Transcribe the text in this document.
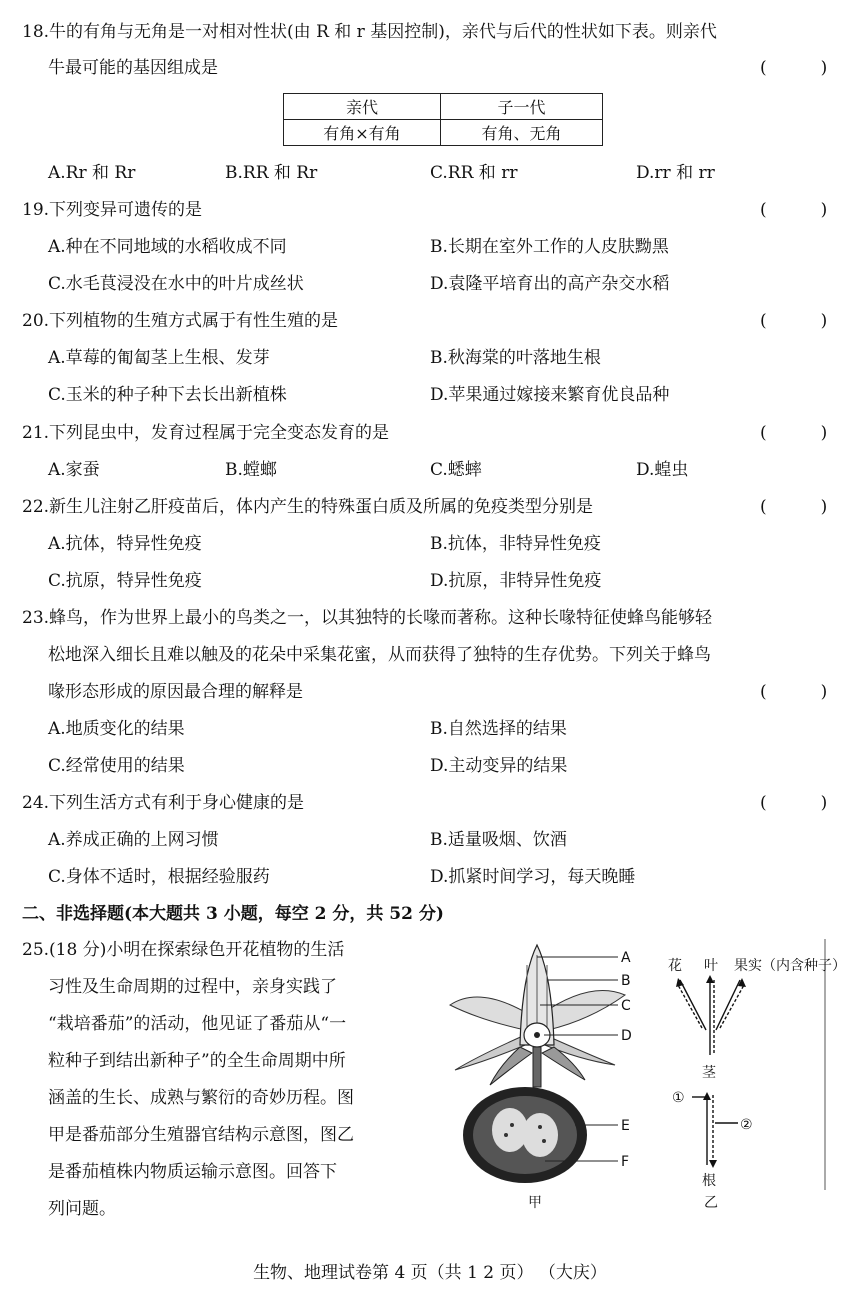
18.牛的有角与无角是一对相对性状(由 R 和 r 基因控制)，亲代与后代的性状如下表。则亲代
牛最可能的基因组成是	(	)
亲代	子一代
有角×有角	有角、无角
A.Rr 和 Rr	B.RR 和 Rr	C.RR 和 rr	D.rr 和 rr
19.下列变异可遗传的是	(	)
A.种在不同地域的水稻收成不同	B.长期在室外工作的人皮肤黝黑
C.水毛茛浸没在水中的叶片成丝状	D.袁隆平培育出的高产杂交水稻
20.下列植物的生殖方式属于有性生殖的是	(	)
A.草莓的匍匐茎上生根、发芽	B.秋海棠的叶落地生根
C.玉米的种子种下去长出新植株	D.苹果通过嫁接来繁育优良品种
21.下列昆虫中，发育过程属于完全变态发育的是	(	)
A.家蚕	B.螳螂	C.蟋蟀	D.蝗虫
22.新生儿注射乙肝疫苗后，体内产生的特殊蛋白质及所属的免疫类型分别是	(	)
A.抗体，特异性免疫	B.抗体，非特异性免疫
C.抗原，特异性免疫	D.抗原，非特异性免疫
23.蜂鸟，作为世界上最小的鸟类之一，以其独特的长喙而著称。这种长喙特征使蜂鸟能够轻
松地深入细长且难以触及的花朵中采集花蜜，从而获得了独特的生存优势。下列关于蜂鸟
喙形态形成的原因最合理的解释是	(	)
A.地质变化的结果	B.自然选择的结果
C.经常使用的结果	D.主动变异的结果
24.下列生活方式有利于身心健康的是	(	)
A.养成正确的上网习惯	B.适量吸烟、饮酒
C.身体不适时，根据经验服药	D.抓紧时间学习，每天晚睡
二、非选择题(本大题共 3 小题，每空 2 分，共 52 分)
25.(18 分)小明在探索绿色开花植物的生活
习性及生命周期的过程中，亲身实践了
“栽培番茄”的活动，他见证了番茄从“一
粒种子到结出新种子”的全生命周期中所
涵盖的生长、成熟与繁衍的奇妙历程。图
甲是番茄部分生殖器官结构示意图，图乙
是番茄植株内物质运输示意图。回答下
列问题。
A
B
C
D
E
F
甲
花 叶 果实（内含种子）
茎
①
②
根
乙
生物、地理试卷第 4 页（共 1 2 页） （大庆）
